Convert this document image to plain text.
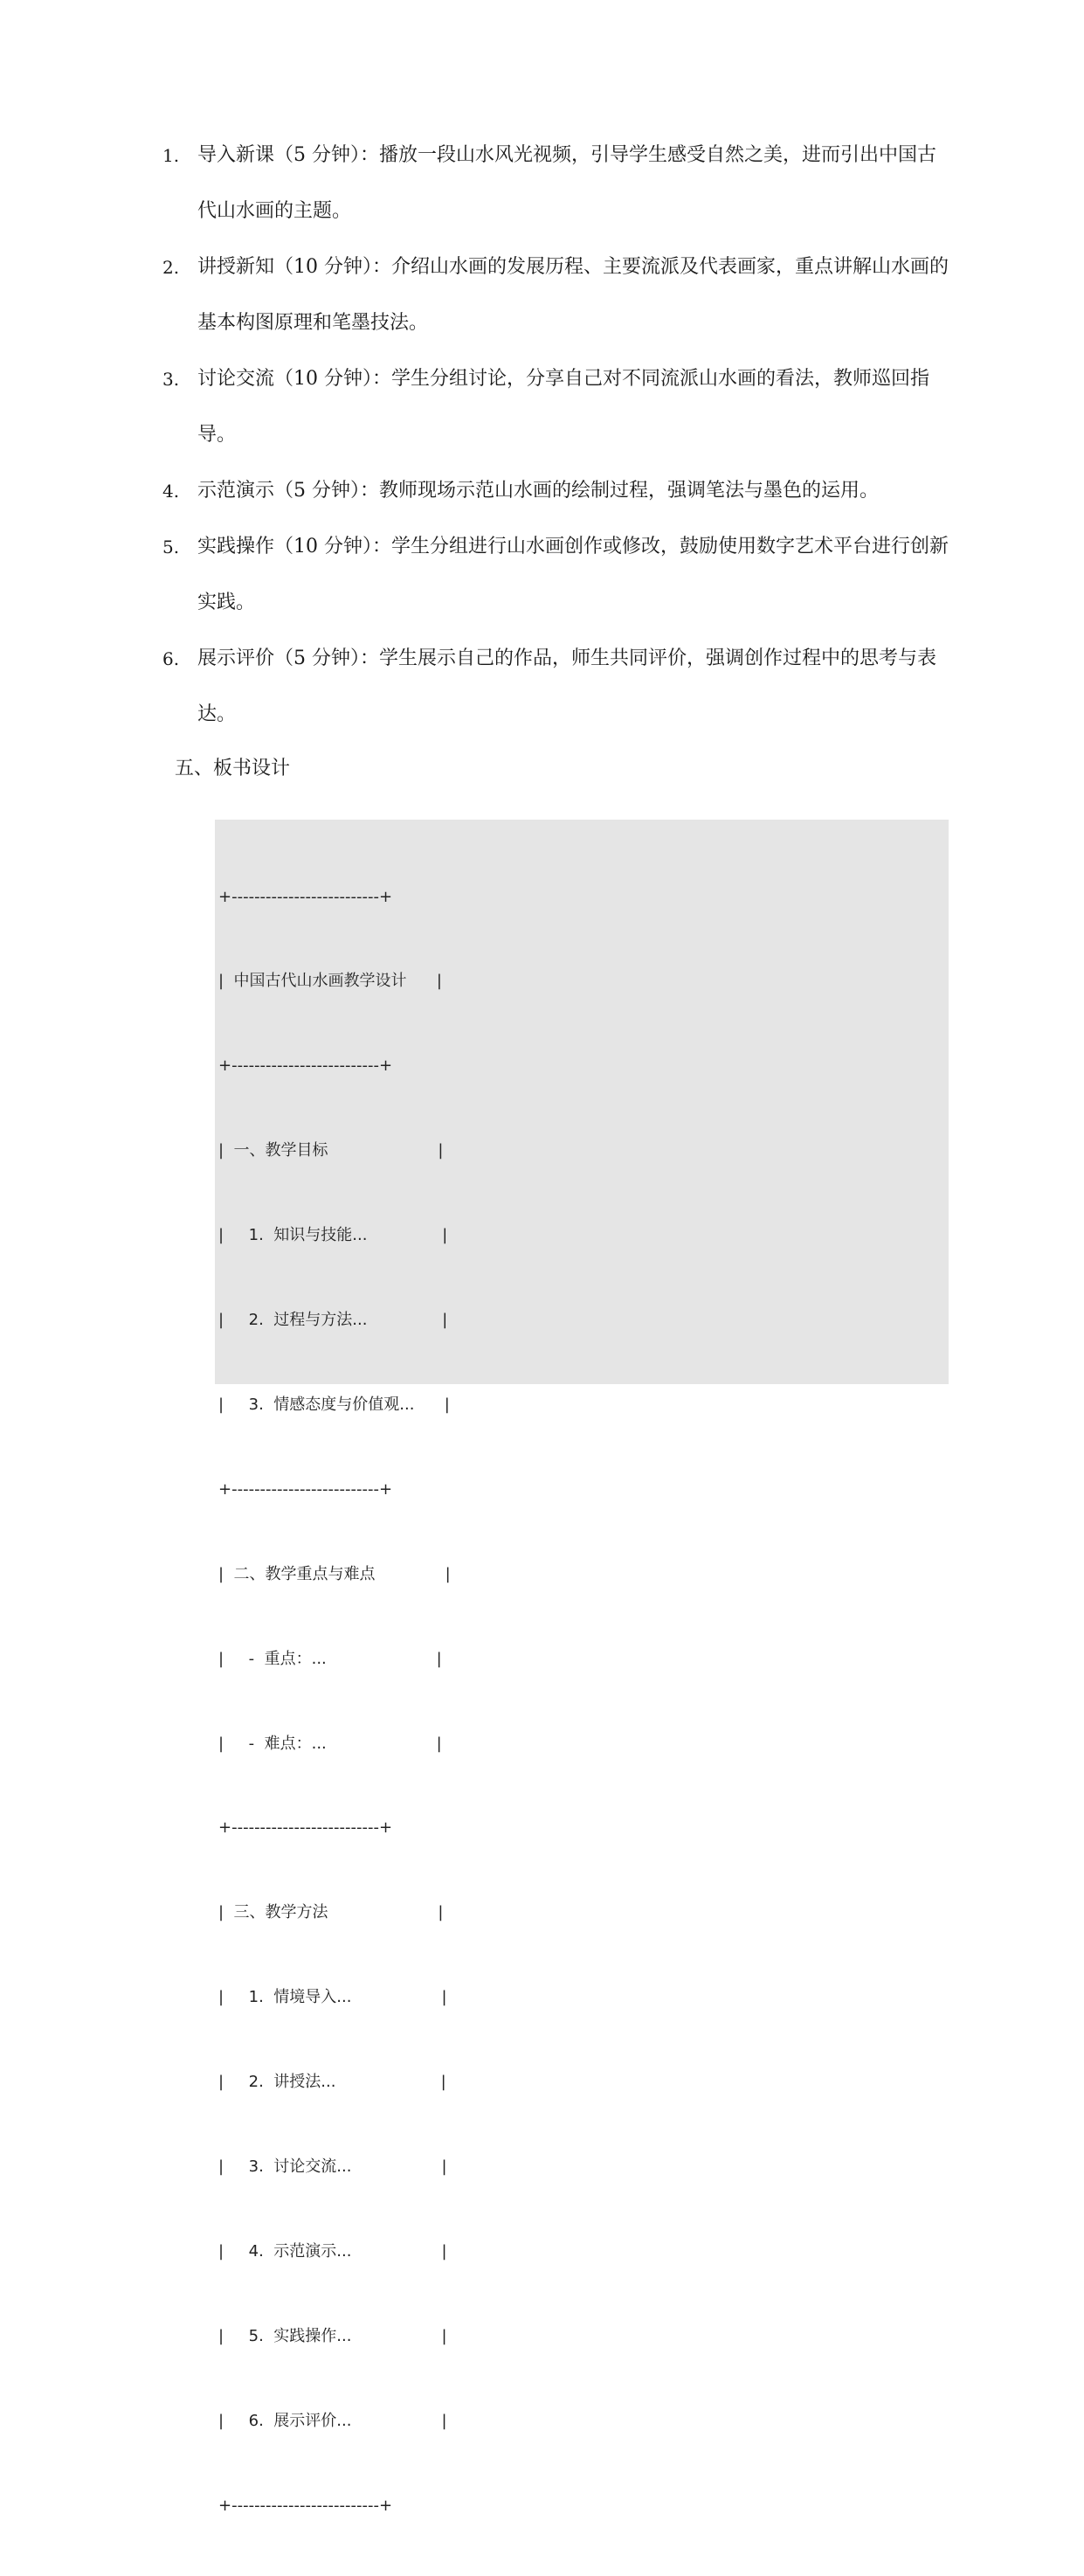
1. 导入新课（5 分钟）：播放一段山水风光视频，引导学生感受自然之美，进而引出中国古代山水画的主题。
2. 讲授新知（10 分钟）：介绍山水画的发展历程、主要流派及代表画家，重点讲解山水画的基本构图原理和笔墨技法。
3. 讨论交流（10 分钟）：学生分组讨论，分享自己对不同流派山水画的看法，教师巡回指导。
4. 示范演示（5 分钟）：教师现场示范山水画的绘制过程，强调笔法与墨色的运用。
5. 实践操作（10 分钟）：学生分组进行山水画创作或修改，鼓励使用数字艺术平台进行创新实践。
6. 展示评价（5 分钟）：学生展示自己的作品，师生共同评价，强调创作过程中的思考与表达。
五、板书设计

+--------------------------+

|  中国古代山水画教学设计      |

+--------------------------+

|  一、教学目标                      |

|     1.  知识与技能...               |

|     2.  过程与方法...               |

|     3.  情感态度与价值观...      |

+--------------------------+

|  二、教学重点与难点              |

|     -  重点：...                      |

|     -  难点：...                      |

+--------------------------+

|  三、教学方法                      |

|     1.  情境导入...                  |

|     2.  讲授法...                     |

|     3.  讨论交流...                  |

|     4.  示范演示...                  |

|     5.  实践操作...                  |

|     6.  展示评价...                  |

+--------------------------+
